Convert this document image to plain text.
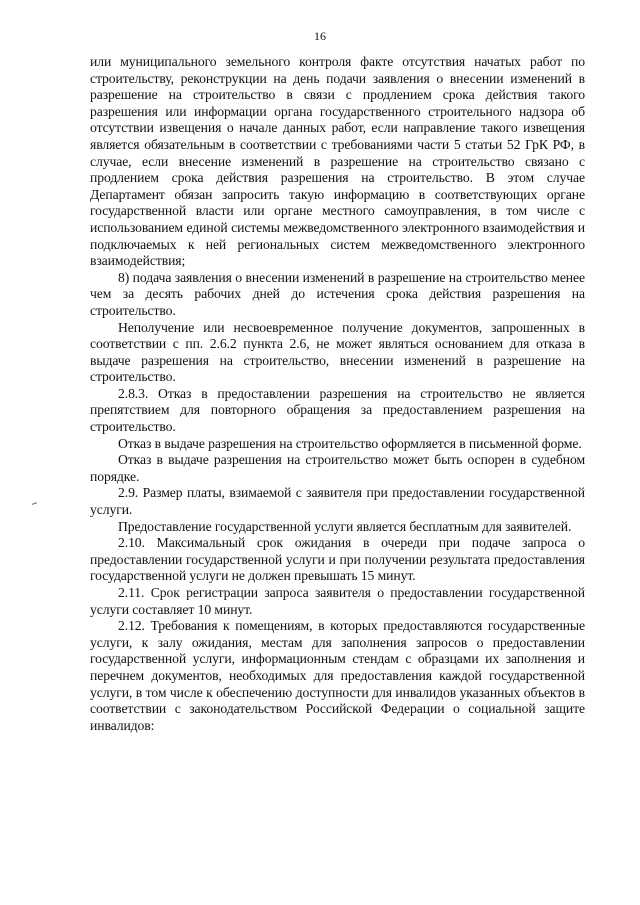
16

или муниципального земельного контроля факте отсутствия начатых работ по строительству, реконструкции на день подачи заявления о внесении изменений в разрешение на строительство в связи с продлением срока действия такого разрешения или информации органа государственного строительного надзора об отсутствии извещения о начале данных работ, если направление такого извещения является обязательным в соответствии с требованиями части 5 статьи 52 ГрК РФ, в случае, если внесение изменений в разрешение на строительство связано с продлением срока действия разрешения на строительство. В этом случае Департамент обязан запросить такую информацию в соответствующих органе государственной власти или органе местного самоуправления, в том числе с использованием единой системы межведомственного электронного взаимодействия и подключаемых к ней региональных систем межведомственного электронного взаимодействия;

8) подача заявления о внесении изменений в разрешение на строительство менее чем за десять рабочих дней до истечения срока действия разрешения на строительство.

Неполучение или несвоевременное получение документов, запрошенных в соответствии с пп. 2.6.2 пункта 2.6, не может являться основанием для отказа в выдаче разрешения на строительство, внесении изменений в разрешение на строительство.

2.8.3. Отказ в предоставлении разрешения на строительство не является препятствием для повторного обращения за предоставлением разрешения на строительство.

Отказ в выдаче разрешения на строительство оформляется в письменной форме.

Отказ в выдаче разрешения на строительство может быть оспорен в судебном порядке.

2.9. Размер платы, взимаемой с заявителя при предоставлении государственной услуги.

Предоставление государственной услуги является бесплатным для заявителей.

2.10. Максимальный срок ожидания в очереди при подаче запроса о предоставлении государственной услуги и при получении результата предоставления государственной услуги не должен превышать 15 минут.

2.11. Срок регистрации запроса заявителя о предоставлении государственной услуги составляет 10 минут.

2.12. Требования к помещениям, в которых предоставляются государственные услуги, к залу ожидания, местам для заполнения запросов о предоставлении государственной услуги, информационным стендам с образцами их заполнения и перечнем документов, необходимых для предоставления каждой государственной услуги, в том числе к обеспечению доступности для инвалидов указанных объектов в соответствии с законодательством Российской Федерации о социальной защите инвалидов:
